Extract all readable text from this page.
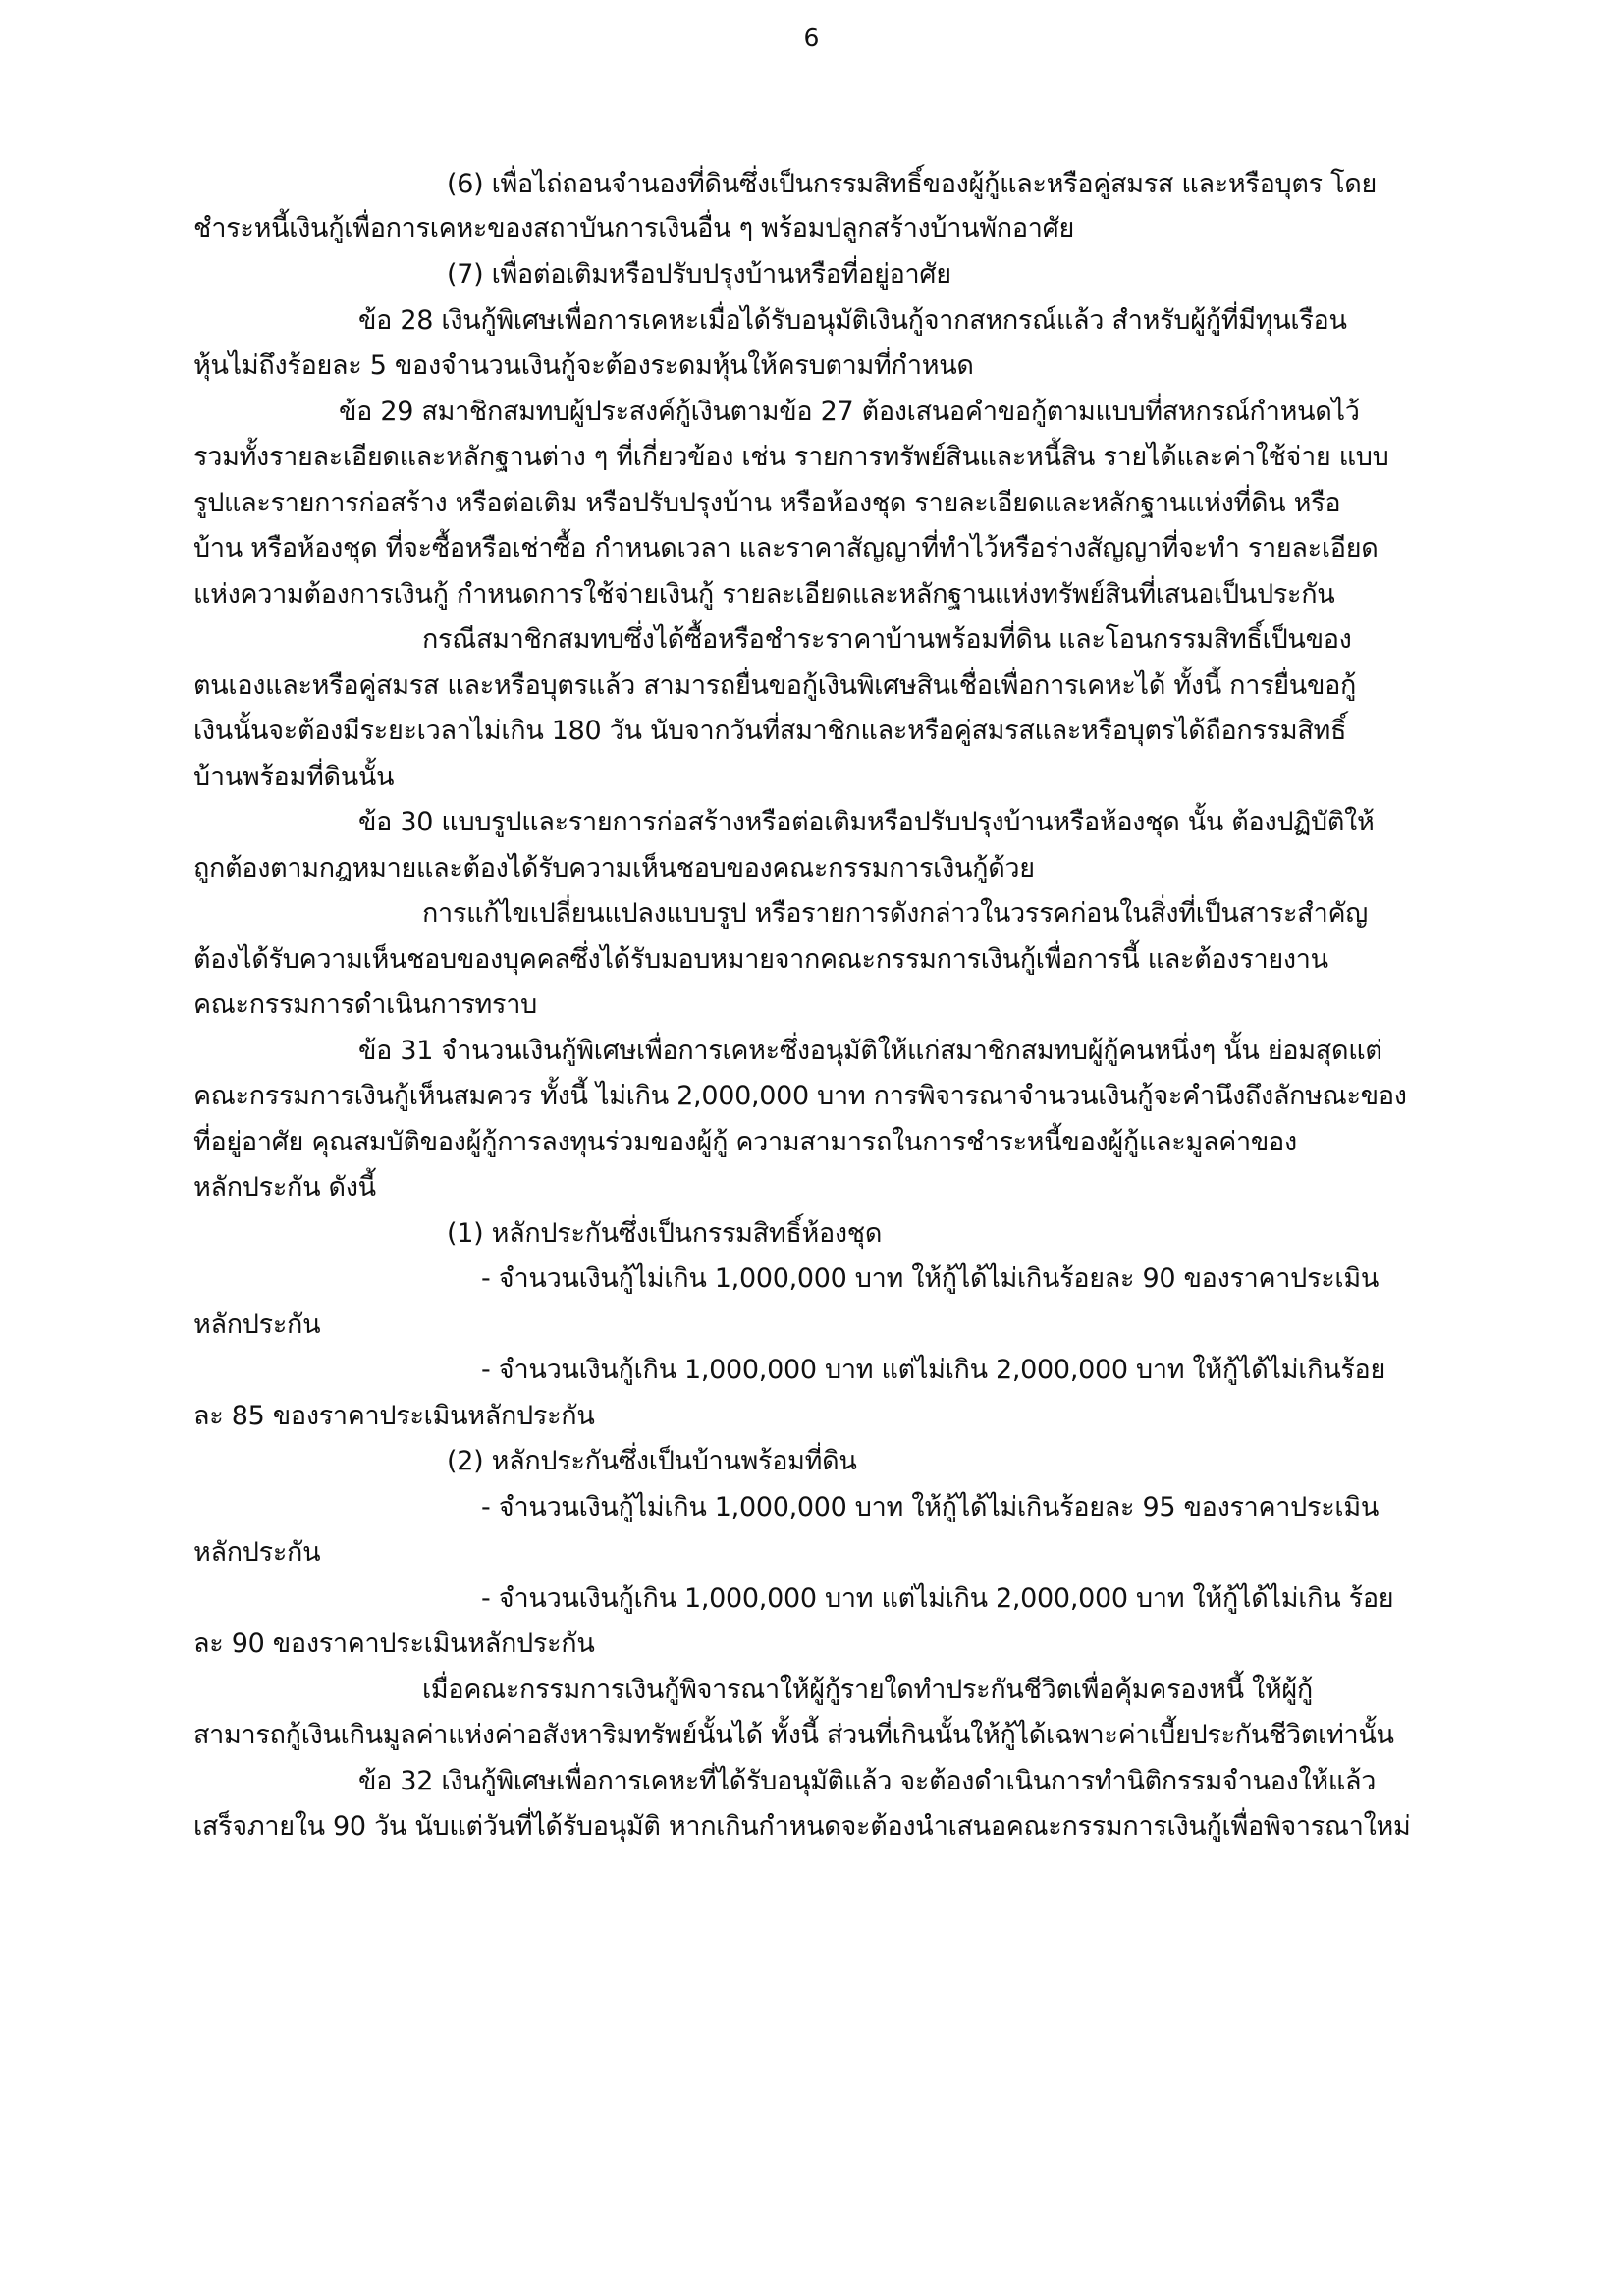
6
(6) เพื่อไถ่ถอนจำนองที่ดินซึ่งเป็นกรรมสิทธิ์ของผู้กู้และหรือคู่สมรส และหรือบุตร โดย
ชำระหนี้เงินกู้เพื่อการเคหะของสถาบันการเงินอื่น ๆ พร้อมปลูกสร้างบ้านพักอาศัย
(7) เพื่อต่อเติมหรือปรับปรุงบ้านหรือที่อยู่อาศัย
ข้อ 28 เงินกู้พิเศษเพื่อการเคหะเมื่อได้รับอนุมัติเงินกู้จากสหกรณ์แล้ว สำหรับผู้กู้ที่มีทุนเรือน
หุ้นไม่ถึงร้อยละ 5 ของจำนวนเงินกู้จะต้องระดมหุ้นให้ครบตามที่กำหนด
ข้อ 29 สมาชิกสมทบผู้ประสงค์กู้เงินตามข้อ 27 ต้องเสนอคำขอกู้ตามแบบที่สหกรณ์กำหนดไว้
รวมทั้งรายละเอียดและหลักฐานต่าง ๆ ที่เกี่ยวข้อง เช่น รายการทรัพย์สินและหนี้สิน รายได้และค่าใช้จ่าย แบบ
รูปและรายการก่อสร้าง หรือต่อเติม หรือปรับปรุงบ้าน หรือห้องชุด รายละเอียดและหลักฐานแห่งที่ดิน หรือ
บ้าน หรือห้องชุด ที่จะซื้อหรือเช่าซื้อ กำหนดเวลา และราคาสัญญาที่ทำไว้หรือร่างสัญญาที่จะทำ รายละเอียด
แห่งความต้องการเงินกู้ กำหนดการใช้จ่ายเงินกู้ รายละเอียดและหลักฐานแห่งทรัพย์สินที่เสนอเป็นประกัน
กรณีสมาชิกสมทบซึ่งได้ซื้อหรือชำระราคาบ้านพร้อมที่ดิน และโอนกรรมสิทธิ์เป็นของ
ตนเองและหรือคู่สมรส และหรือบุตรแล้ว สามารถยื่นขอกู้เงินพิเศษสินเชื่อเพื่อการเคหะได้ ทั้งนี้ การยื่นขอกู้
เงินนั้นจะต้องมีระยะเวลาไม่เกิน 180 วัน นับจากวันที่สมาชิกและหรือคู่สมรสและหรือบุตรได้ถือกรรมสิทธิ์
บ้านพร้อมที่ดินนั้น
ข้อ 30 แบบรูปและรายการก่อสร้างหรือต่อเติมหรือปรับปรุงบ้านหรือห้องชุด นั้น ต้องปฏิบัติให้
ถูกต้องตามกฎหมายและต้องได้รับความเห็นชอบของคณะกรรมการเงินกู้ด้วย
การแก้ไขเปลี่ยนแปลงแบบรูป หรือรายการดังกล่าวในวรรคก่อนในสิ่งที่เป็นสาระสำคัญ
ต้องได้รับความเห็นชอบของบุคคลซึ่งได้รับมอบหมายจากคณะกรรมการเงินกู้เพื่อการนี้ และต้องรายงาน
คณะกรรมการดำเนินการทราบ
ข้อ 31 จำนวนเงินกู้พิเศษเพื่อการเคหะซึ่งอนุมัติให้แก่สมาชิกสมทบผู้กู้คนหนึ่งๆ นั้น ย่อมสุดแต่
คณะกรรมการเงินกู้เห็นสมควร ทั้งนี้ ไม่เกิน 2,000,000 บาท การพิจารณาจำนวนเงินกู้จะคำนึงถึงลักษณะของ
ที่อยู่อาศัย คุณสมบัติของผู้กู้การลงทุนร่วมของผู้กู้ ความสามารถในการชำระหนี้ของผู้กู้และมูลค่าของ
หลักประกัน ดังนี้
(1) หลักประกันซึ่งเป็นกรรมสิทธิ์ห้องชุด
- จำนวนเงินกู้ไม่เกิน 1,000,000 บาท ให้กู้ได้ไม่เกินร้อยละ 90 ของราคาประเมิน
หลักประกัน
- จำนวนเงินกู้เกิน 1,000,000 บาท แต่ไม่เกิน 2,000,000 บาท ให้กู้ได้ไม่เกินร้อย
ละ 85 ของราคาประเมินหลักประกัน
(2) หลักประกันซึ่งเป็นบ้านพร้อมที่ดิน
- จำนวนเงินกู้ไม่เกิน 1,000,000 บาท ให้กู้ได้ไม่เกินร้อยละ 95 ของราคาประเมิน
หลักประกัน
- จำนวนเงินกู้เกิน 1,000,000 บาท แต่ไม่เกิน 2,000,000 บาท ให้กู้ได้ไม่เกิน ร้อย
ละ 90 ของราคาประเมินหลักประกัน
เมื่อคณะกรรมการเงินกู้พิจารณาให้ผู้กู้รายใดทำประกันชีวิตเพื่อคุ้มครองหนี้ ให้ผู้กู้
สามารถกู้เงินเกินมูลค่าแห่งค่าอสังหาริมทรัพย์นั้นได้ ทั้งนี้ ส่วนที่เกินนั้นให้กู้ได้เฉพาะค่าเบี้ยประกันชีวิตเท่านั้น
ข้อ 32 เงินกู้พิเศษเพื่อการเคหะที่ได้รับอนุมัติแล้ว จะต้องดำเนินการทำนิติกรรมจำนองให้แล้ว
เสร็จภายใน 90 วัน นับแต่วันที่ได้รับอนุมัติ หากเกินกำหนดจะต้องนำเสนอคณะกรรมการเงินกู้เพื่อพิจารณาใหม่
